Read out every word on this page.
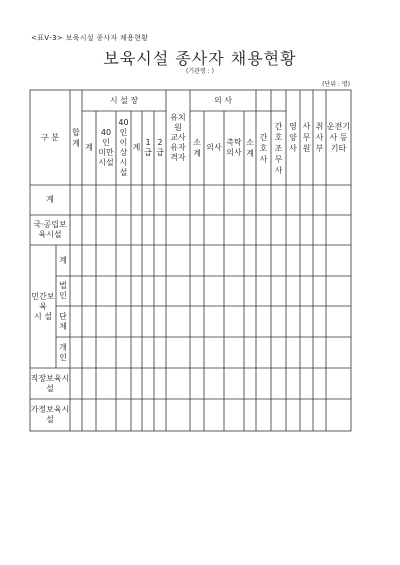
<표Ⅴ-3> 보육시설 종사자 채용현황
보육시설 종사자 채용현황
(기관명 : )
(단위 : 명)
구 분
합계
시 설 장
계
40
인
미만
시설
40
인
이상
시설
계
1급
2급
유치
원
교사
유자
격자
소계
의 사
의사
촉탁
의사
소계
간호사
간호조무사
영양사
사무원
취사부
운전기사 등 기타
계
국·공립보
육시설
민간보
육
시 설
계
법
인
단
체
개
인
직장보육시
설
가정보육시
설
